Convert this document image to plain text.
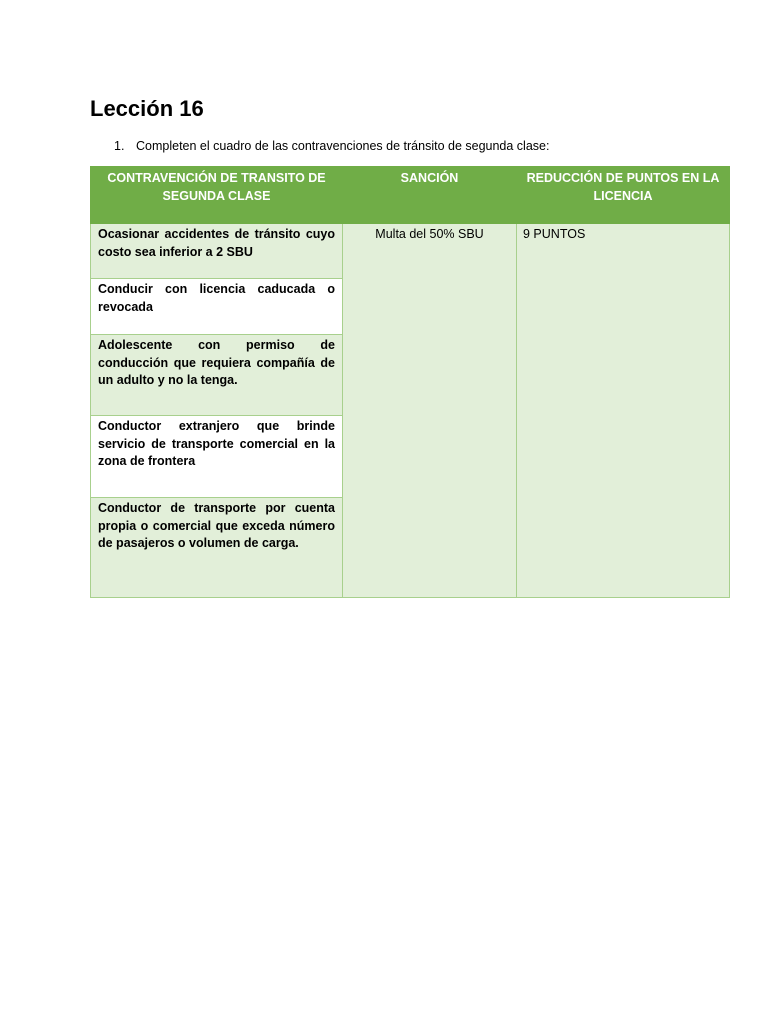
Lección 16

1. Completen el cuadro de las contravenciones de tránsito de segunda clase:

CONTRAVENCIÓN DE TRANSITO DE SEGUNDA CLASE	SANCIÓN	REDUCCIÓN DE PUNTOS EN LA LICENCIA
Ocasionar accidentes de tránsito cuyo costo sea inferior a 2 SBU	Multa del 50% SBU	9 PUNTOS
Conducir con licencia caducada o revocada		
Adolescente con permiso de conducción que requiera compañía de un adulto y no la tenga.		
Conductor extranjero que brinde servicio de transporte comercial en la zona de frontera		
Conductor de transporte por cuenta propia o comercial que exceda número de pasajeros o volumen de carga.		
